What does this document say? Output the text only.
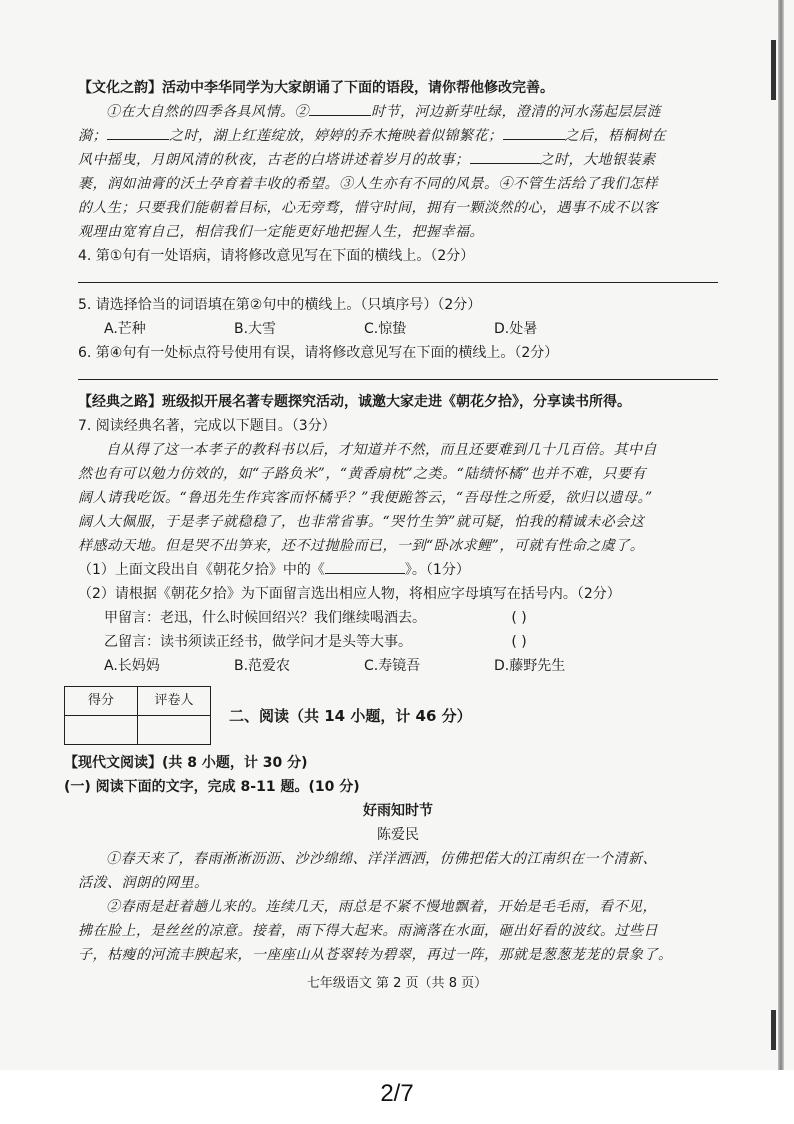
【文化之韵】活动中李华同学为大家朗诵了下面的语段，请你帮他修改完善。

①在大自然的四季各具风情。②	时节，河边新芽吐绿，澄清的河水荡起层层涟

漪；	之时，湖上红莲绽放，婷婷的乔木掩映着似锦繁花；	之后，梧桐树在

风中摇曳，月朗风清的秋夜，古老的白塔讲述着岁月的故事；	之时，大地银装素

裹，润如油膏的沃土孕育着丰收的希望。③人生亦有不同的风景。④不管生活给了我们怎样

的人生；只要我们能朝着目标，心无旁骛，惜守时间，拥有一颗淡然的心，遇事不成不以客

观理由宽宥自己，相信我们一定能更好地把握人生，把握幸福。

4. 第①句有一处语病，请将修改意见写在下面的横线上。（2分）

5. 请选择恰当的词语填在第②句中的横线上。（只填序号）（2分）

A.芒种	B.大雪	C.惊蛰	D.处暑

6. 第④句有一处标点符号使用有误，请将修改意见写在下面的横线上。（2分）

【经典之路】班级拟开展名著专题探究活动，诚邀大家走进《朝花夕拾》，分享读书所得。

7. 阅读经典名著，完成以下题目。（3分）

自从得了这一本孝子的教科书以后，才知道并不然，而且还要难到几十几百倍。其中自

然也有可以勉力仿效的，如“子路负米”，“黄香扇枕”之类。“陆绩怀橘”也并不难，只要有

阔人请我吃饭。“鲁迅先生作宾客而怀橘乎？”我便跪答云，“吾母性之所爱，欲归以遗母。”

阔人大佩服，于是孝子就稳稳了，也非常省事。“哭竹生笋”就可疑，怕我的精诚未必会这

样感动天地。但是哭不出笋来，还不过抛脸而已，一到“卧冰求鲤”，可就有性命之虞了。

（1）上面文段出自《朝花夕拾》中的《	》。（1分）

（2）请根据《朝花夕拾》为下面留言选出相应人物，将相应字母填写在括号内。（2分）

甲留言：老迅，什么时候回绍兴？我们继续喝酒去。	( )

乙留言：读书须读正经书，做学问才是头等大事。	( )

A.长妈妈	B.范爱农	C.寿镜吾	D.藤野先生
得分	评卷人

二、阅读（共 14 小题，计 46 分）

【现代文阅读】(共 8 小题，计 30 分)

(一) 阅读下面的文字，完成 8-11 题。(10 分)

好雨知时节

陈爱民

①春天来了，春雨淅淅沥沥、沙沙绵绵、洋洋洒洒，仿佛把偌大的江南织在一个清新、

活泼、润朗的网里。

②春雨是赶着趟儿来的。连续几天，雨总是不紧不慢地飘着，开始是毛毛雨，看不见，

拂在脸上，是丝丝的凉意。接着，雨下得大起来。雨滴落在水面，砸出好看的波纹。过些日

子，枯瘦的河流丰腴起来，一座座山从苍翠转为碧翠，再过一阵，那就是葱葱茏茏的景象了。

七年级语文 第 2 页（共 8 页）
2/7
